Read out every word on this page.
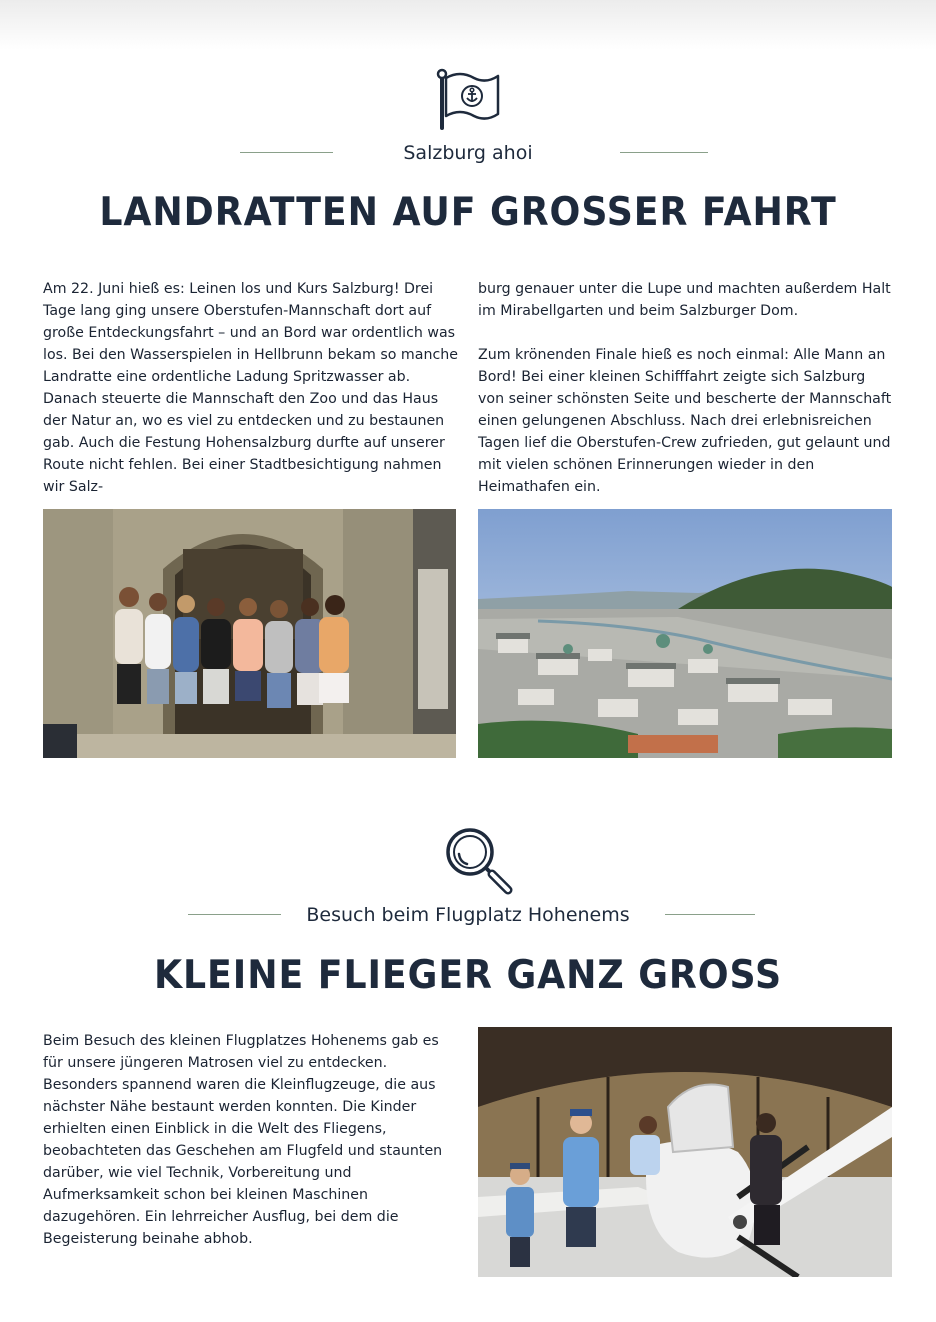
Salzburg ahoi
LANDRATTEN AUF GROSSER FAHRT

Am 22. Juni hieß es: Leinen los und Kurs Salzburg! Drei Tage lang ging unsere Oberstufen-Mannschaft dort auf große Entdeckungsfahrt – und an Bord war ordentlich was los. Bei den Wasserspielen in Hellbrunn bekam so manche Landratte eine ordentliche Ladung Spritzwasser ab. Danach steuerte die Mannschaft den Zoo und das Haus der Natur an, wo es viel zu entdecken und zu bestaunen gab. Auch die Festung Hohensalzburg durfte auf unserer Route nicht fehlen. Bei einer Stadtbesichtigung nahmen wir Salz-

burg genauer unter die Lupe und machten außerdem Halt im Mirabellgarten und beim Salzburger Dom.

Zum krönenden Finale hieß es noch einmal: Alle Mann an Bord! Bei einer kleinen Schifffahrt zeigte sich Salzburg von seiner schönsten Seite und bescherte der Mannschaft einen gelungenen Abschluss. Nach drei erlebnisreichen Tagen lief die Oberstufen-Crew zufrieden, gut gelaunt und mit vielen schönen Erinnerungen wieder in den Heimathafen ein.

Besuch beim Flugplatz Hohenems
KLEINE FLIEGER GANZ GROSS

Beim Besuch des kleinen Flugplatzes Hohenems gab es für unsere jüngeren Matrosen viel zu entdecken. Besonders spannend waren die Kleinflugzeuge, die aus nächster Nähe bestaunt werden konnten. Die Kinder erhielten einen Einblick in die Welt des Fliegens, beobachteten das Geschehen am Flugfeld und staunten darüber, wie viel Technik, Vorbereitung und Aufmerksamkeit schon bei kleinen Maschinen dazugehören. Ein lehrreicher Ausflug, bei dem die Begeisterung beinahe abhob.
